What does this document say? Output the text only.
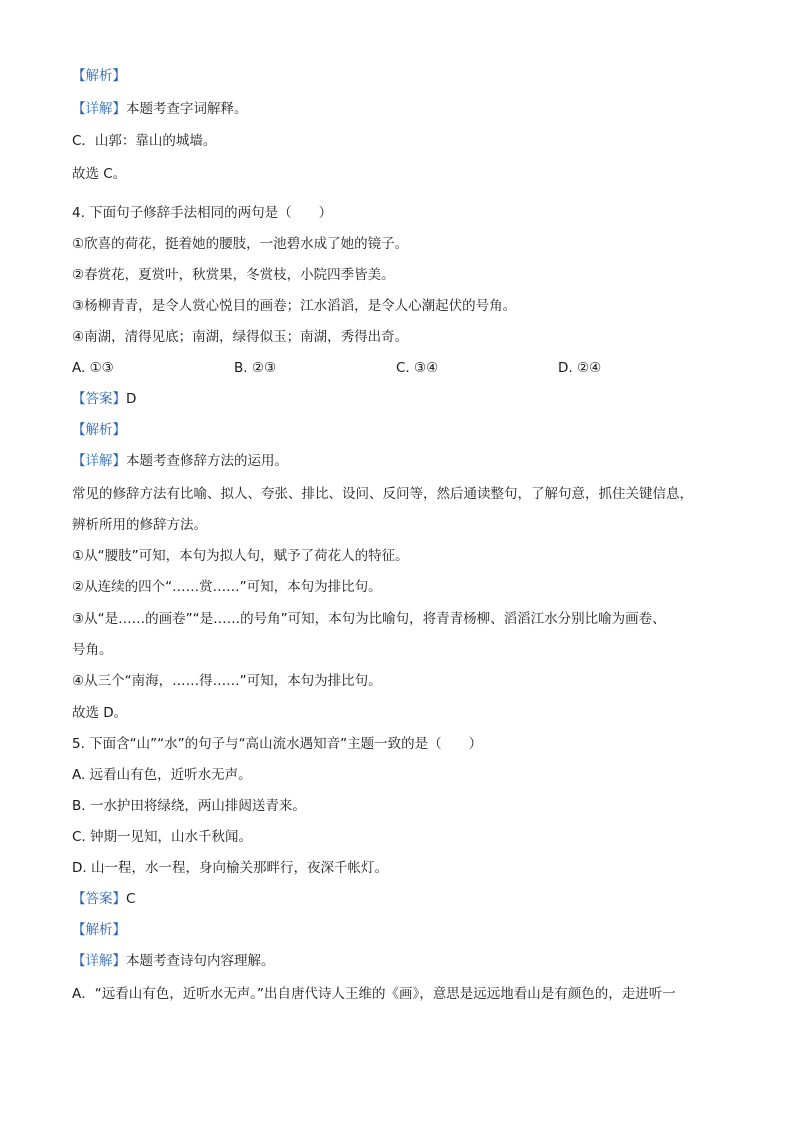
【解析】
【详解】本题考查字词解释。
C．山郭：靠山的城墙。
故选 C。
4. 下面句子修辞手法相同的两句是（　　）
①欣喜的荷花，挺着她的腰肢，一池碧水成了她的镜子。
②春赏花，夏赏叶，秋赏果，冬赏枝，小院四季皆美。
③杨柳青青，是令人赏心悦目的画卷；江水滔滔，是令人心潮起伏的号角。
④南湖，清得见底；南湖，绿得似玉；南湖，秀得出奇。
A. ①③	B. ②③	C. ③④	D. ②④
【答案】D
【解析】
【详解】本题考查修辞方法的运用。
常见的修辞方法有比喻、拟人、夸张、排比、设问、反问等，然后通读整句，了解句意，抓住关键信息，
辨析所用的修辞方法。
①从“腰肢”可知，本句为拟人句，赋予了荷花人的特征。
②从连续的四个“……赏……”可知，本句为排比句。
③从“是……的画卷”“是……的号角”可知，本句为比喻句，将青青杨柳、滔滔江水分别比喻为画卷、
号角。
④从三个“南海，……得……”可知，本句为排比句。
故选 D。
5. 下面含“山”“水”的句子与“高山流水遇知音”主题一致的是（　　）
A. 远看山有色，近听水无声。
B. 一水护田将绿绕，两山排闼送青来。
C. 钟期一见知，山水千秋闻。
D. 山一程，水一程，身向榆关那畔行，夜深千帐灯。
【答案】C
【解析】
【详解】本题考查诗句内容理解。
A．“远看山有色，近听水无声。”出自唐代诗人王维的《画》，意思是远远地看山是有颜色的，走进听一
